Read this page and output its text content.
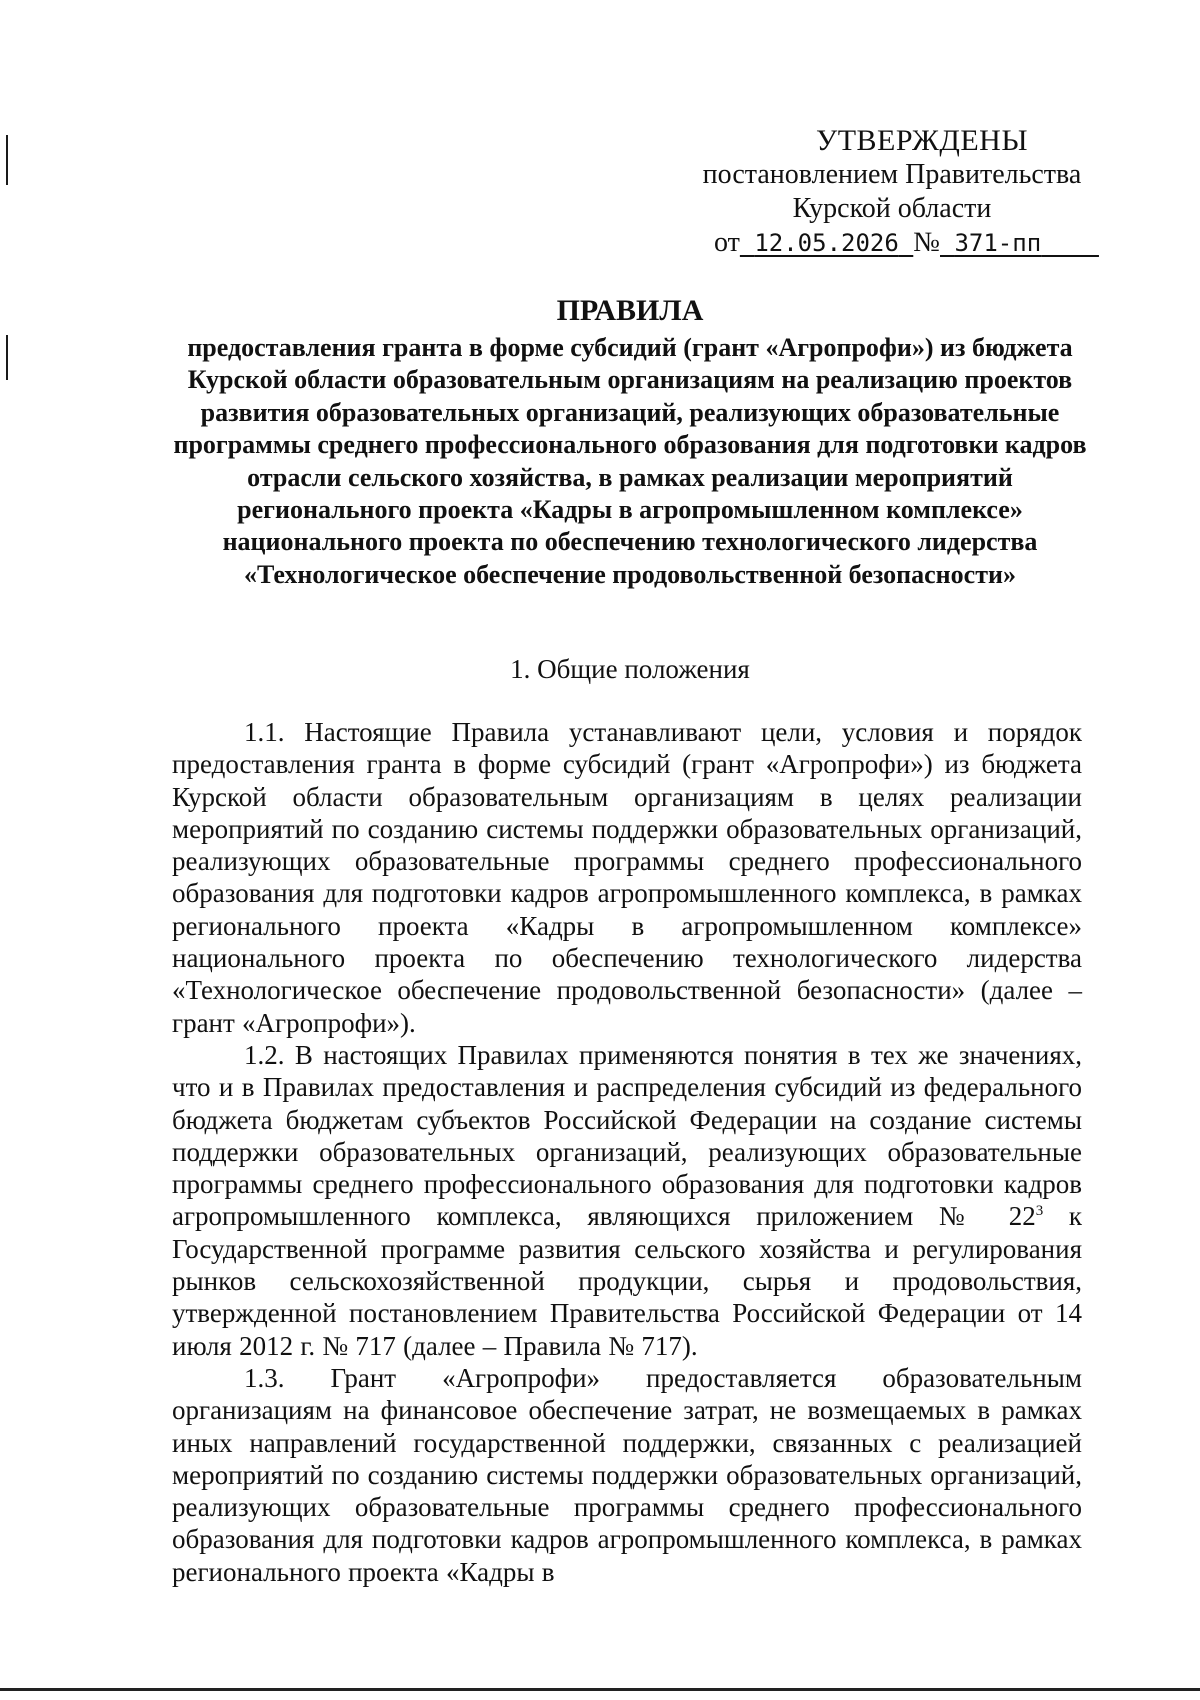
УТВЕРЖДЕНЫ
постановлением Правительства
Курской области
от 12.05.2026 № 371-пп
ПРАВИЛА
предоставления гранта в форме субсидий (грант «Агропрофи») из бюджета Курской области образовательным организациям на реализацию проектов развития образовательных организаций, реализующих образовательные программы среднего профессионального образования для подготовки кадров отрасли сельского хозяйства, в рамках реализации мероприятий регионального проекта «Кадры в агропромышленном комплексе» национального проекта по обеспечению технологического лидерства «Технологическое обеспечение продовольственной безопасности»
1. Общие положения

1.1. Настоящие Правила устанавливают цели, условия и порядок предоставления гранта в форме субсидий (грант «Агропрофи») из бюджета Курской области образовательным организациям в целях реализации мероприятий по созданию системы поддержки образовательных организаций, реализующих образовательные программы среднего профессионального образования для подготовки кадров агропромышленного комплекса, в рамках регионального проекта «Кадры в агропромышленном комплексе» национального проекта по обеспечению технологического лидерства «Технологическое обеспечение продовольственной безопасности» (далее – грант «Агропрофи»).

1.2. В настоящих Правилах применяются понятия в тех же значениях, что и в Правилах предоставления и распределения субсидий из федерального бюджета бюджетам субъектов Российской Федерации на создание системы поддержки образовательных организаций, реализующих образовательные программы среднего профессионального образования для подготовки кадров агропромышленного комплекса, являющихся приложением № $22^3$ к Государственной программе развития сельского хозяйства и регулирования рынков сельскохозяйственной продукции, сырья и продовольствия, утвержденной постановлением Правительства Российской Федерации от 14 июля 2012 г. № 717 (далее – Правила № 717).

1.3. Грант «Агропрофи» предоставляется образовательным организациям на финансовое обеспечение затрат, не возмещаемых в рамках иных направлений государственной поддержки, связанных с реализацией мероприятий по созданию системы поддержки образовательных организаций, реализующих образовательные программы среднего профессионального образования для подготовки кадров агропромышленного комплекса, в рамках регионального проекта «Кадры в
